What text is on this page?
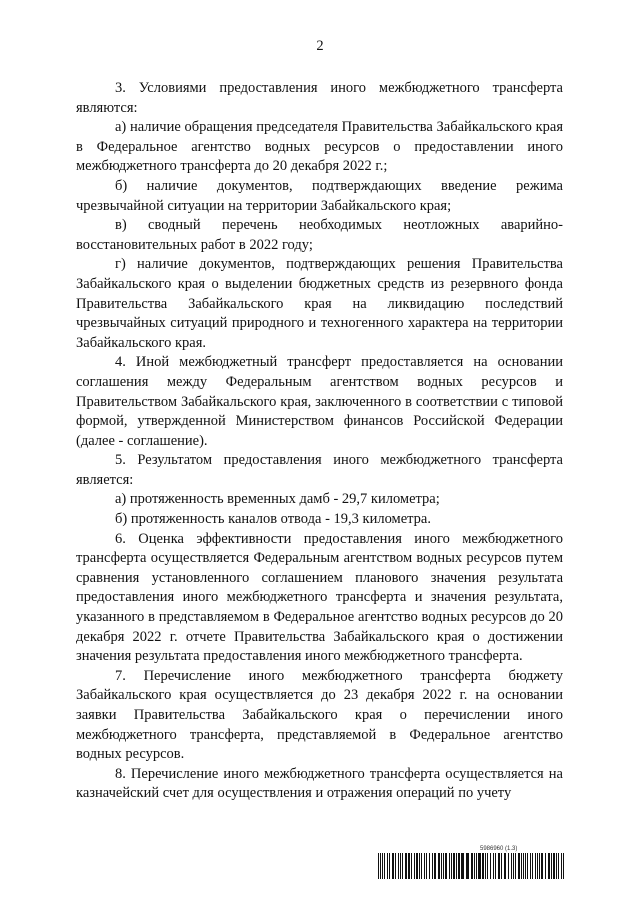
2

3. Условиями предоставления иного межбюджетного трансферта являются:

а) наличие обращения председателя Правительства Забайкальского края в Федеральное агентство водных ресурсов о предоставлении иного межбюджетного трансферта до 20 декабря 2022 г.;

б) наличие документов, подтверждающих введение режима чрезвычайной ситуации на территории Забайкальского края;

в) сводный перечень необходимых неотложных аварийно-восстановительных работ в 2022 году;

г) наличие документов, подтверждающих решения Правительства Забайкальского края о выделении бюджетных средств из резервного фонда Правительства Забайкальского края на ликвидацию последствий чрезвычайных ситуаций природного и техногенного характера на территории Забайкальского края.

4. Иной межбюджетный трансферт предоставляется на основании соглашения между Федеральным агентством водных ресурсов и Правительством Забайкальского края, заключенного в соответствии с типовой формой, утвержденной Министерством финансов Российской Федерации (далее - соглашение).

5. Результатом предоставления иного межбюджетного трансферта является:

а) протяженность временных дамб - 29,7 километра;

б) протяженность каналов отвода - 19,3 километра.

6. Оценка эффективности предоставления иного межбюджетного трансферта осуществляется Федеральным агентством водных ресурсов путем сравнения установленного соглашением планового значения результата предоставления иного межбюджетного трансферта и значения результата, указанного в представляемом в Федеральное агентство водных ресурсов до 20 декабря 2022 г. отчете Правительства Забайкальского края о достижении значения результата предоставления иного межбюджетного трансферта.

7. Перечисление иного межбюджетного трансферта бюджету Забайкальского края осуществляется до 23 декабря 2022 г. на основании заявки Правительства Забайкальского края о перечислении иного межбюджетного трансферта, представляемой в Федеральное агентство водных ресурсов.

8. Перечисление иного межбюджетного трансферта осуществляется на казначейский счет для осуществления и отражения операций по учету

5986960 (1.3)
